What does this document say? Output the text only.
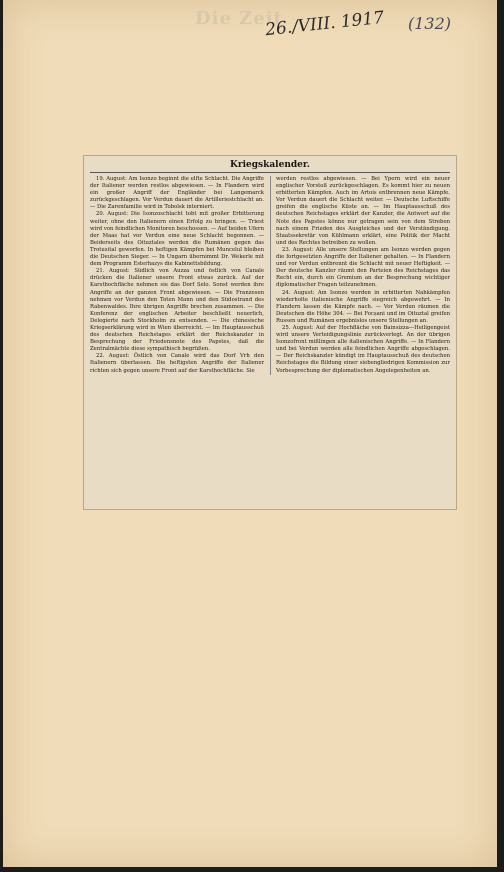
Die Zeit
26./VIII. 1917 (132)
Kriegskalender.

19. August: Am Isonzo beginnt die elfte Schlacht. Die Angriffe der Italiener werden restlos abgewiesen. — In Flandern wird ein großer Angriff der Engländer bei Langemarck zurückgeschlagen. Vor Verdun dauert die Artilleriestchlacht an. — Die Zarenfamilie wird in Tobolsk interniert.

20. August: Die Isonzoschlacht tobt mit großer Erbitterung weiter, ohne den Italienern einen Erfolg zu bringen. — Triest wird von feindlichen Monitoren beschossen. — Auf beiden Ufern der Maas hat vor Verdun eine neue Schlacht begonnen. — Beiderseits des Oituztales werden die Rumänen gegen das Trotusital geworfen. In heftigen Kämpfen bei Muncelul bleiben die Deutschen Sieger. — In Ungarn übernimmt Dr. Wekerle mit dem Programm Esterhazys die Kabinettsbildung.

21. August: Südlich von Auzza und östlich von Canale drücken die Italiener unsere Front etwas zurück. Auf der Karsthochfläche nehmen sie das Dorf Selo. Sonst werden ihre Angriffe an der ganzen Front abgewiesen. — Die Franzosen nehmen vor Verdun den Toten Mann und den Südostrand des Rabenwaldes. Ihre übrigen Angriffe brechen zusammen. — Die Konferenz der englischen Arbeiter beschließt neuerlich, Delegierte nach Stockholm zu entsenden. — Die chinesische Kriegserklärung wird in Wien überreicht. — Im Hauptausschuß des deutschen Reichstages erklärt der Reichskanzler in Besprechung der Friedensnote des Papstes, daß die Zentralmächte diese sympathisch begrüßen.

22. August: Östlich von Canale wird das Dorf Vrh den Italienern überlassen. Die heftigsten Angriffe der Italiener richten sich gegen unsere Front auf der Karsthochfläche. Sie

werden restlos abgewiesen. — Bei Ypern wird ein neuer englischer Vorstoß zurückgeschlagen. Es kommt hier zu neuen erbitterten Kämpfen. Auch im Artois entbrennen neue Kämpfe. Vor Verdun dauert die Schlacht weiter. — Deutsche Luftschiffe greifen die englische Küste an. — Im Hauptausschuß des deutschen Reichstages erklärt der Kanzler, die Antwort auf die Note des Papstes könne nur getragen sein von dem Streben nach einem Frieden des Ausgleiches und der Verständigung. Staatssekretär von Kühlmann erklärt, eine Politik der Macht und des Rechtes betreiben zu wollen.

23. August: Alle unsere Stellungen am Isonzo werden gegen die fortgesetzten Angriffe der Italiener gehalten. — In Flandern und vor Verdun entbrennt die Schlacht mit neuer Heftigkeit. — Der deutsche Kanzler räumt den Parteien des Reichstages das Recht ein, durch ein Gremium an der Besprechung wichtiger diplomatischer Fragen teilzunehmen.

24. August: Am Isonzo werden in erbitterten Nahkämpfen wiederholte italienische Angriffe siegreich abgewehrt. — In Flandern lassen die Kämpfe nach. — Vor Verdun räumen die Deutschen die Höhe 304. — Bei Focșani und im Oituztal greifen Russen und Rumänen ergebnislos unsere Stellungen an.

25. August: Auf der Hochfläche von Bainsizza—Heiligengeist wird unsere Verteidigungslinie zurückverlegt. An der übrigen Isonzofront mißlingen alle italienischen Angriffe. — In Flandern und bei Verdun werden alle feindlichen Angriffe abgeschlagen. — Der Reichskanzler kündigt im Hauptausschuß des deutschen Reichstages die Bildung einer siebengliedrigen Kommission zur Vorbesprechung der diplomatischen Angelegenheiten an.
